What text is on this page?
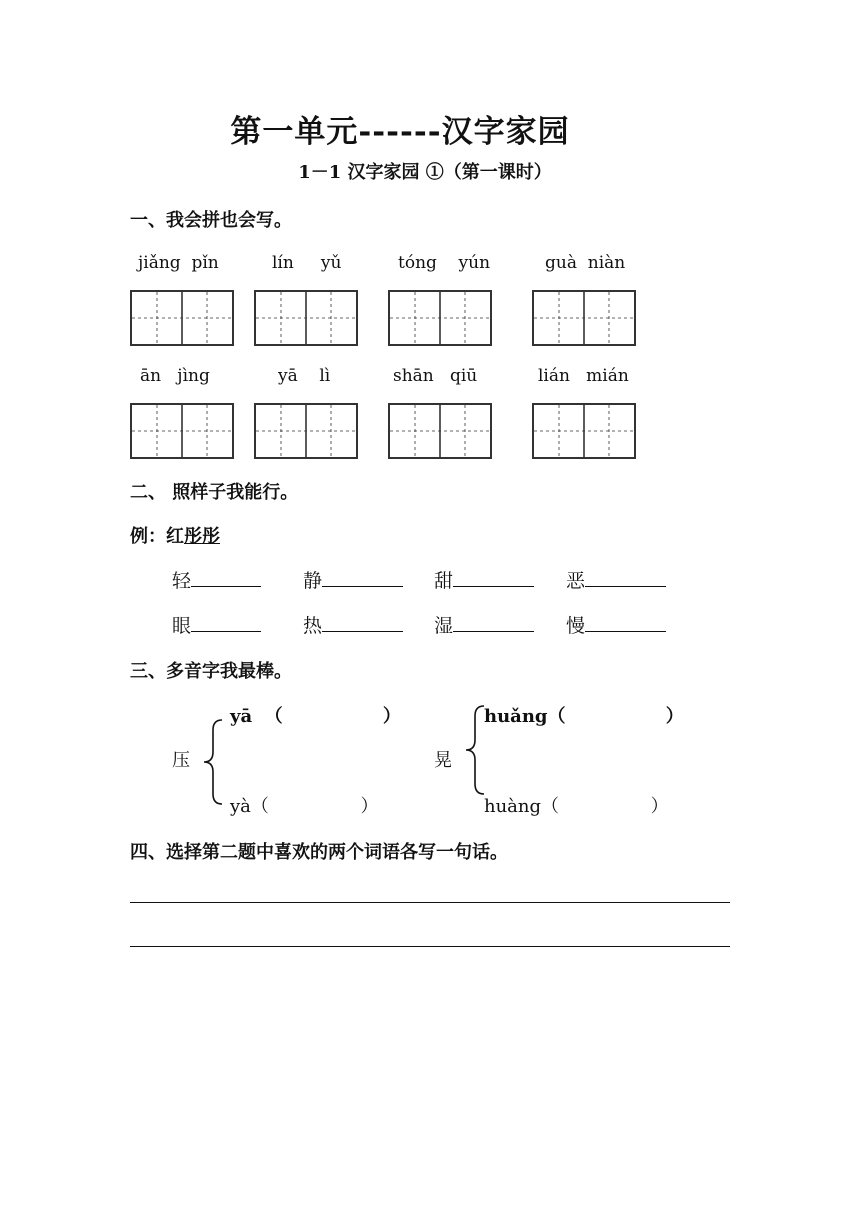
第一单元------汉字家园
1－1 汉字家园 ①（第一课时）
一、我会拼也会写。
jiǎng  pǐn	lín     yǔ	tóng    yún	guà  niàn
ān   jìng	yā    lì	shān   qiū	lián   mián
二、 照样子我能行。
例：红彤彤
轻	静	甜	恶
眼	热	湿	慢
三、多音字我最棒。
yā  （                ）
压
yà（                ）
huǎng（                ）
晃
huàng（                ）
四、选择第二题中喜欢的两个词语各写一句话。
